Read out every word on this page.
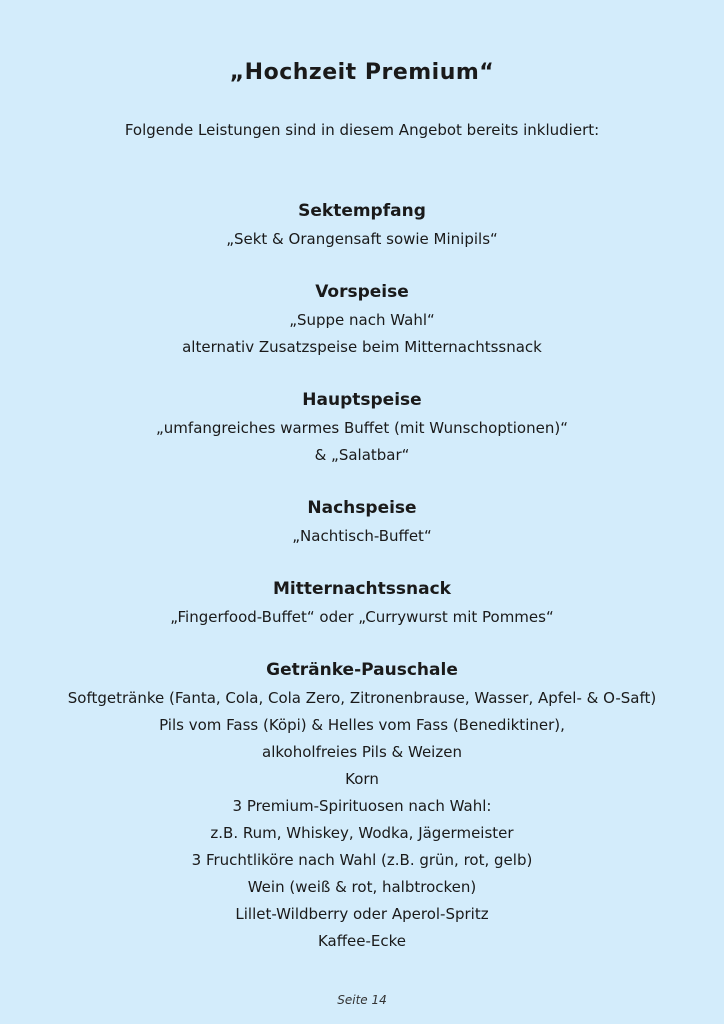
„Hochzeit Premium“

Folgende Leistungen sind in diesem Angebot bereits inkludiert:

Sektempfang

„Sekt & Orangensaft sowie Minipils“

Vorspeise

„Suppe nach Wahl“

alternativ Zusatzspeise beim Mitternachtssnack

Hauptspeise

„umfangreiches warmes Buffet (mit Wunschoptionen)“

& „Salatbar“

Nachspeise

„Nachtisch-Buffet“

Mitternachtssnack

„Fingerfood-Buffet“ oder „Currywurst mit Pommes“

Getränke-Pauschale

Softgetränke (Fanta, Cola, Cola Zero, Zitronenbrause, Wasser, Apfel- & O-Saft)

Pils vom Fass (Köpi) & Helles vom Fass (Benediktiner),

alkoholfreies Pils & Weizen

Korn

3 Premium-Spirituosen nach Wahl:

z.B. Rum, Whiskey, Wodka, Jägermeister

3 Fruchtliköre nach Wahl (z.B. grün, rot, gelb)

Wein (weiß & rot, halbtrocken)

Lillet-Wildberry oder Aperol-Spritz

Kaffee-Ecke

Seite 14
